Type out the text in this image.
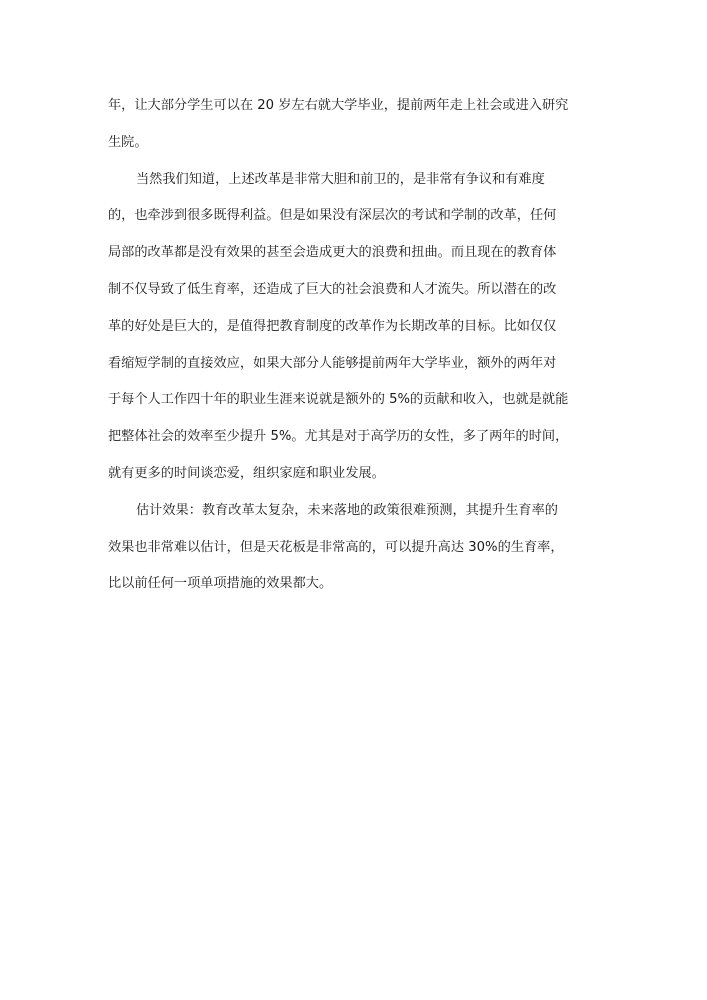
年，让大部分学生可以在 20 岁左右就大学毕业，提前两年走上社会或进入研究
生院。
当然我们知道，上述改革是非常大胆和前卫的，是非常有争议和有难度
的，也牵涉到很多既得利益。但是如果没有深层次的考试和学制的改革，任何
局部的改革都是没有效果的甚至会造成更大的浪费和扭曲。而且现在的教育体
制不仅导致了低生育率，还造成了巨大的社会浪费和人才流失。所以潜在的改
革的好处是巨大的，是值得把教育制度的改革作为长期改革的目标。比如仅仅
看缩短学制的直接效应，如果大部分人能够提前两年大学毕业，额外的两年对
于每个人工作四十年的职业生涯来说就是额外的 5%的贡献和收入，也就是就能
把整体社会的效率至少提升 5%。尤其是对于高学历的女性，多了两年的时间，
就有更多的时间谈恋爱，组织家庭和职业发展。
估计效果：教育改革太复杂，未来落地的政策很难预测，其提升生育率的
效果也非常难以估计，但是天花板是非常高的，可以提升高达 30%的生育率，
比以前任何一项单项措施的效果都大。
